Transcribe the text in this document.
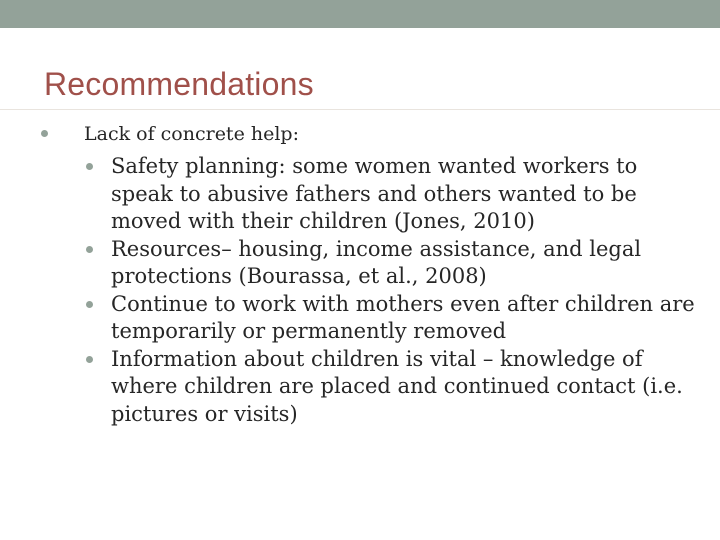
Recommendations
Lack of concrete help:
Safety planning: some women wanted workers to speak to abusive fathers and others wanted to be moved with their children (Jones, 2010)
Resources– housing, income assistance, and legal protections (Bourassa, et al., 2008)
Continue to work with mothers even after children are temporarily or permanently removed
Information about children is vital – knowledge of where children are placed and continued contact (i.e. pictures or visits)
